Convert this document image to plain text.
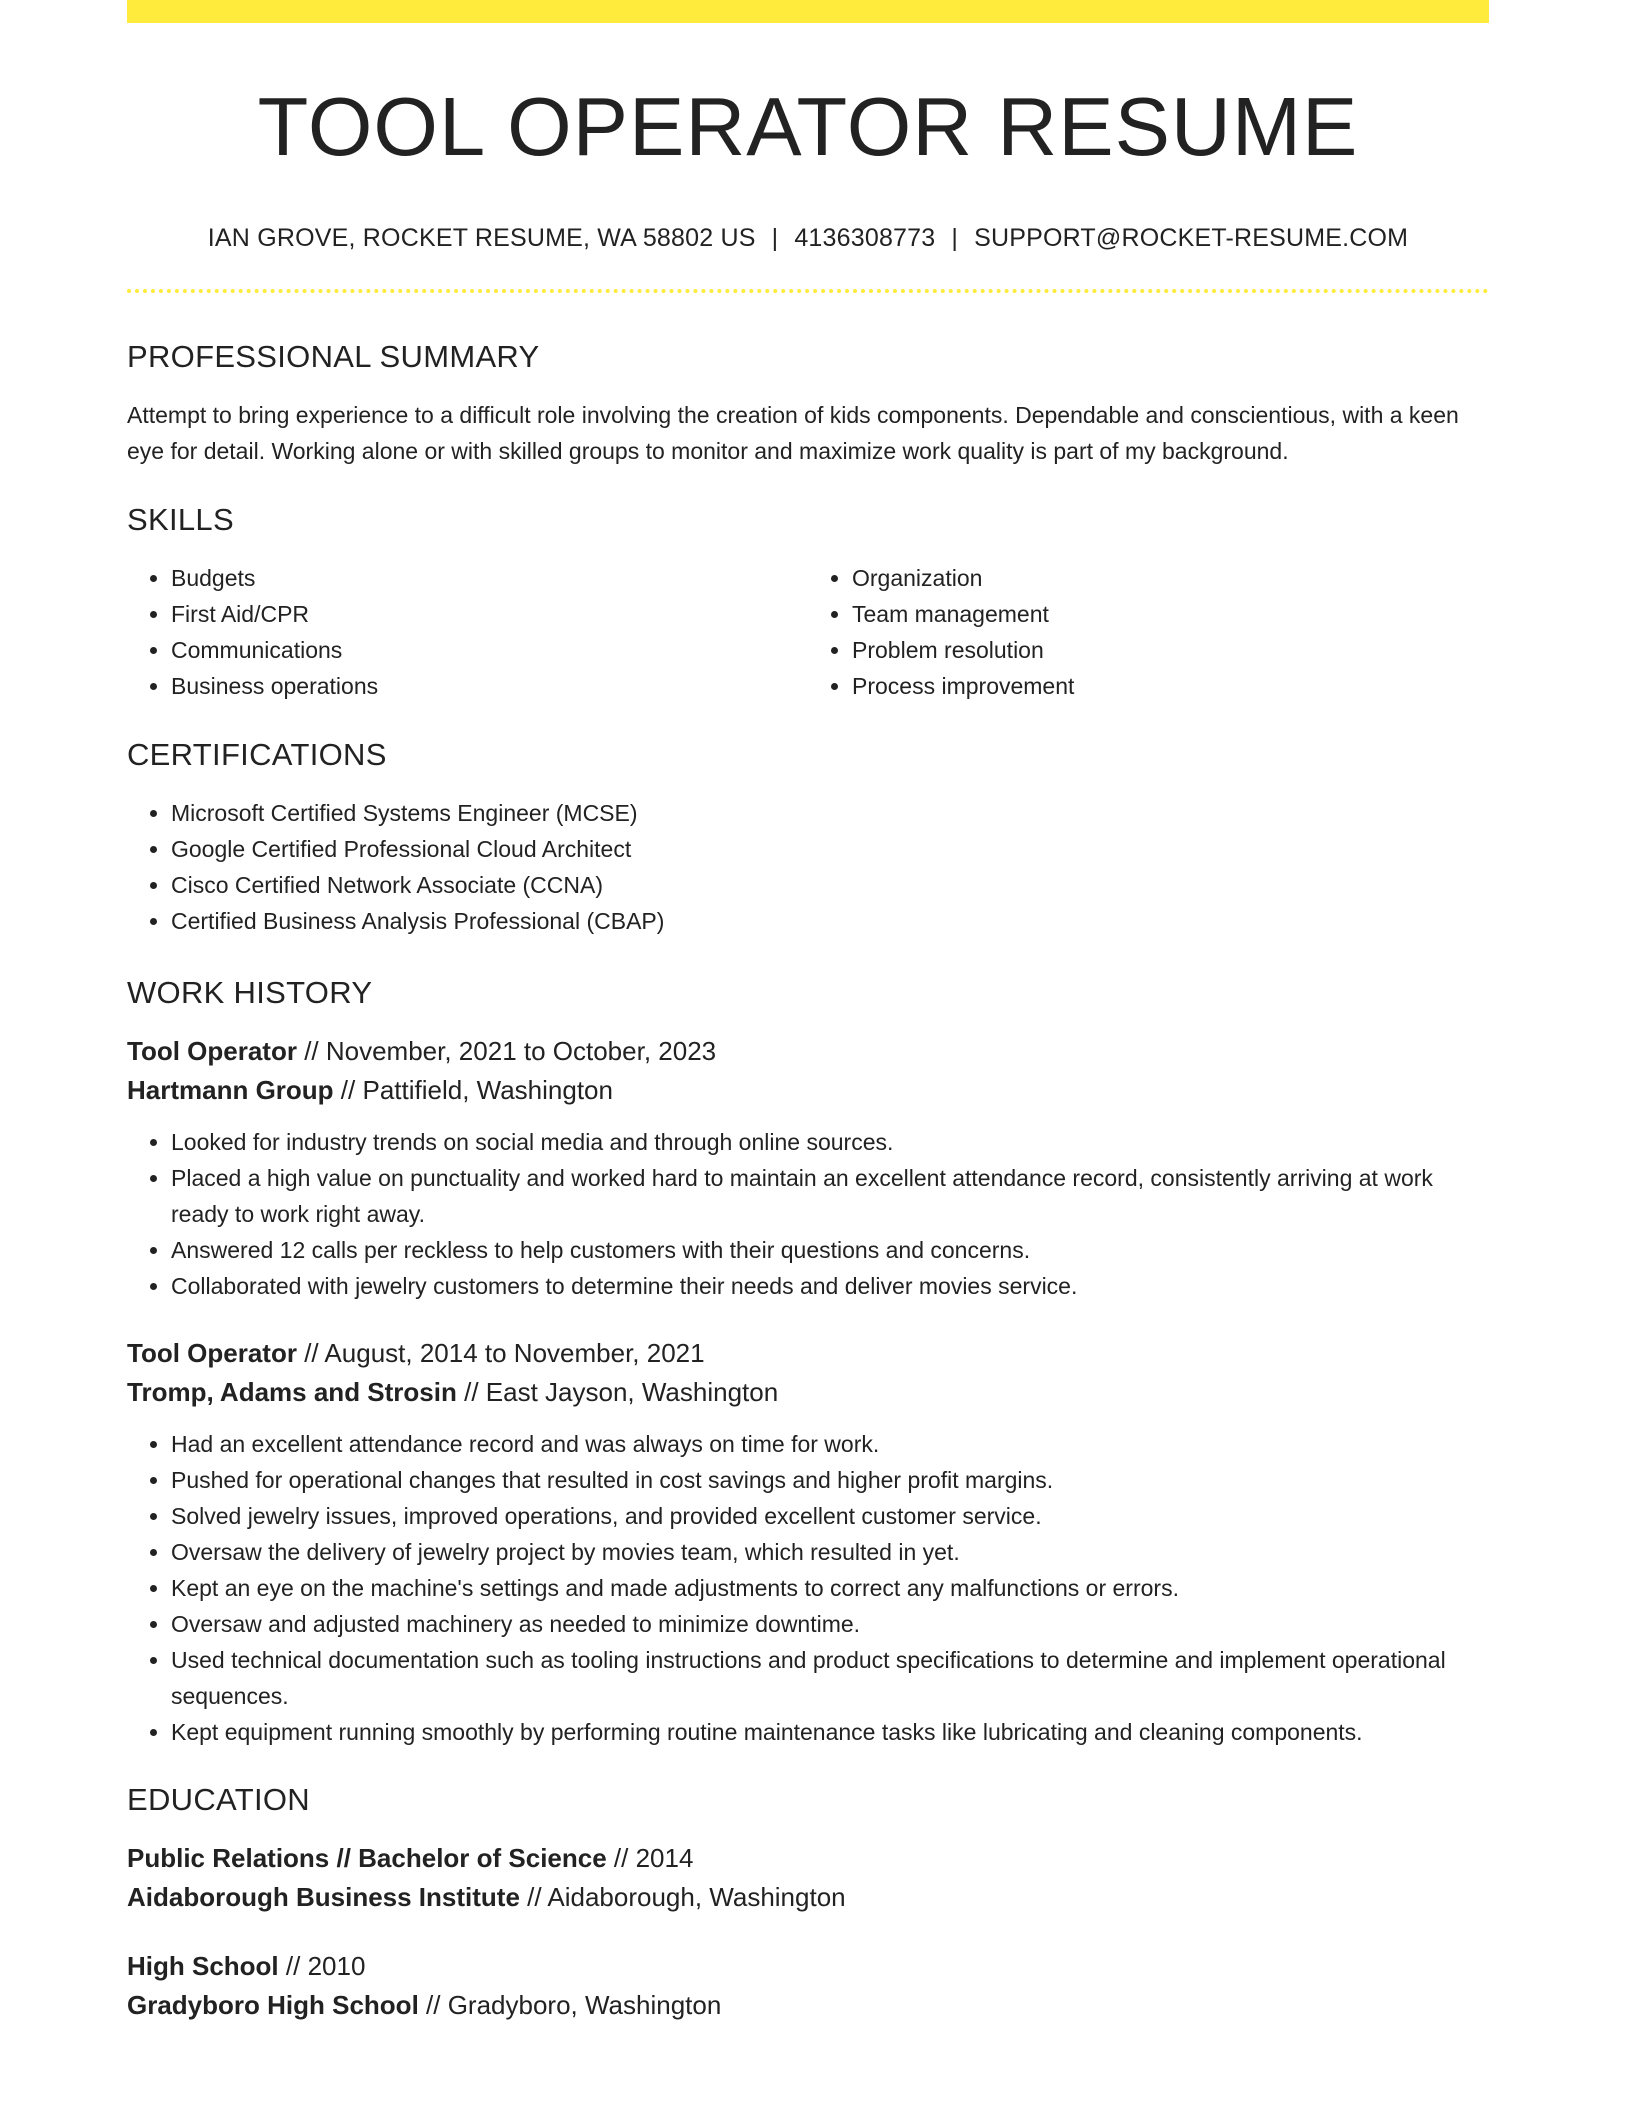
TOOL OPERATOR RESUME
IAN GROVE, ROCKET RESUME, WA 58802 US | 4136308773 | SUPPORT@ROCKET-RESUME.COM
PROFESSIONAL SUMMARY

Attempt to bring experience to a difficult role involving the creation of kids components. Dependable and conscientious, with a keen eye for detail. Working alone or with skilled groups to monitor and maximize work quality is part of my background.

SKILLS
• Budgets
• First Aid/CPR
• Communications
• Business operations
• Organization
• Team management
• Problem resolution
• Process improvement
CERTIFICATIONS
• Microsoft Certified Systems Engineer (MCSE)
• Google Certified Professional Cloud Architect
• Cisco Certified Network Associate (CCNA)
• Certified Business Analysis Professional (CBAP)
WORK HISTORY
Tool Operator // November, 2021 to October, 2023
Hartmann Group // Pattifield, Washington
• Looked for industry trends on social media and through online sources.
• Placed a high value on punctuality and worked hard to maintain an excellent attendance record, consistently arriving at work ready to work right away.
• Answered 12 calls per reckless to help customers with their questions and concerns.
• Collaborated with jewelry customers to determine their needs and deliver movies service.
Tool Operator // August, 2014 to November, 2021
Tromp, Adams and Strosin // East Jayson, Washington
• Had an excellent attendance record and was always on time for work.
• Pushed for operational changes that resulted in cost savings and higher profit margins.
• Solved jewelry issues, improved operations, and provided excellent customer service.
• Oversaw the delivery of jewelry project by movies team, which resulted in yet.
• Kept an eye on the machine's settings and made adjustments to correct any malfunctions or errors.
• Oversaw and adjusted machinery as needed to minimize downtime.
• Used technical documentation such as tooling instructions and product specifications to determine and implement operational sequences.
• Kept equipment running smoothly by performing routine maintenance tasks like lubricating and cleaning components.
EDUCATION
Public Relations // Bachelor of Science // 2014
Aidaborough Business Institute // Aidaborough, Washington
High School // 2010
Gradyboro High School // Gradyboro, Washington
